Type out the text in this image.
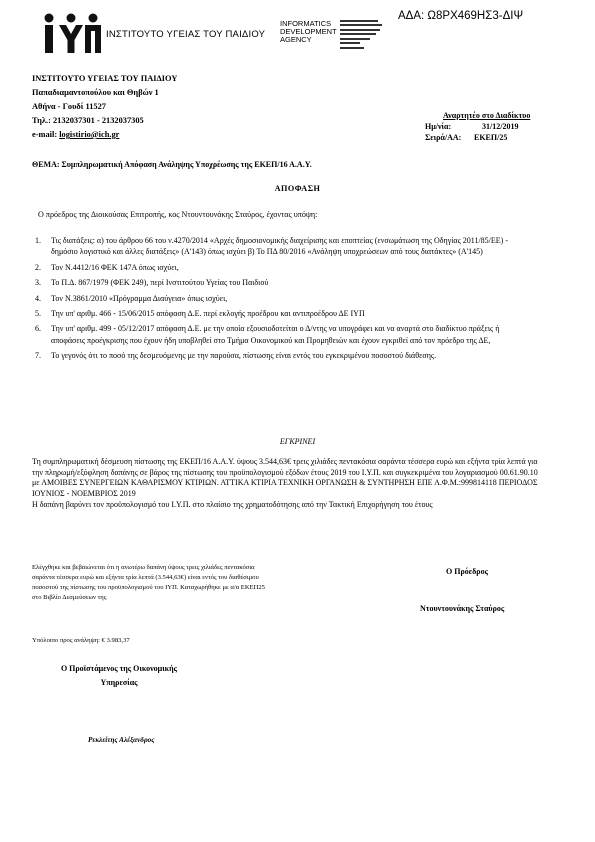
ΑΔΑ: Ω8ΡΧ469ΗΣ3-ΔΙΨ
ΙΝΣΤΙΤΟΥΤΟ ΥΓΕΙΑΣ ΤΟΥ ΠΑΙΔΙΟΥ
INFORMATICS
DEVELOPMENT
AGENCY
ΙΝΣΤΙΤΟΥΤΟ ΥΓΕΙΑΣ ΤΟΥ ΠΑΙΔΙΟΥ
Παπαδιαμαντοπούλου και Θηβών 1
Αθήνα - Γουδί 11527
Τηλ.: 2132037301 - 2132037305
e-mail: logistirio@ich.gr
Αναρτητέο στο Διαδίκτυο
Ημ/νία:	31/12/2019
Σειρά/ΑΑ:	ΕΚΕΠ/25
ΘΕΜΑ: Συμπληρωματική Απόφαση Ανάληψης Υποχρέωσης της ΕΚΕΠ/16 Α.Α.Υ.
ΑΠΟΦΑΣΗ
Ο πρόεδρος της Διοικούσας Επιτροπής, κος Ντουντουνάκης Σταύρος, έχοντας υπόψη:
1. Τις διατάξεις: α) του άρθρου 66 του ν.4270/2014 «Αρχές δημοσιονομικής διαχείρισης και εποπτείας (ενσωμάτωση της Οδηγίας 2011/85/ΕΕ) - δημόσιο λογιστικό και άλλες διατάξεις» (Α'143) όπως ισχύει β) Το ΠΔ 80/2016 «Ανάληψη υποχρεώσεων από τους διατάκτες» (Α'145)
2. Τον Ν.4412/16 ΦΕΚ 147Α όπως ισχύει,
3. Το Π.Δ. 867/1979 (ΦΕΚ 249), περί Ινστιτούτου Υγείας του Παιδιού
4. Τον Ν.3861/2010 «Πρόγραμμα Διαύγεια» όπως ισχύει,
5. Την υπ' αριθμ. 466 - 15/06/2015 απόφαση Δ.Ε. περί εκλογής προέδρου και αντιπροέδρου ΔΕ ΙΥΠ
6. Την υπ' αριθμ. 499 - 05/12/2017 απόφαση Δ.Ε. με την οποία εξουσιοδοτείται ο Δ/ντης να υπογράφει και να αναρτά στο διαδίκτυο πράξεις ή αποφάσεις προέγκρισης που έχουν ήδη υποβληθεί στο Τμήμα Οικονομικού και Προμηθειών και έχουν εγκριθεί από τον πρόεδρο της ΔΕ,
7. Το γεγονός ότι το ποσό της δεσμευόμενης με την παρούσα, πίστωσης είναι εντός του εγκεκριμένου ποσοστού διάθεσης.
ΕΓΚΡΙΝΕΙ

Τη συμπληρωματική δέσμευση πίστωσης της ΕΚΕΠ/16 Α.Α.Υ. ύψους 3.544,63€ τρεις χιλιάδες πεντακόσια σαράντα τέσσερα ευρώ και εξήντα τρία λεπτά για την πληρωμή/εξόφληση δαπάνης σε βάρος της πίστωσης του προϋπολογισμού εξόδων έτους 2019 του Ι.Υ.Π. και συγκεκριμένα του λογαριασμού 00.61.90.10 με ΑΜΟΙΒΕΣ ΣΥΝΕΡΓΕΙΩΝ ΚΑΘΑΡΙΣΜΟΥ ΚΤΙΡΙΩΝ. ΑΤΤΙΚΑ ΚΤΙΡΙΑ ΤΕΧΝΙΚΗ ΟΡΓΑΝΩΣΗ & ΣΥΝΤΗΡΗΣΗ ΕΠΕ Α.Φ.Μ.:999814118 ΠΕΡΙΟΔΟΣ ΙΟΥΝΙΟΣ - ΝΟΕΜΒΡΙΟΣ 2019

Η δαπάνη βαρύνει τον προϋπολογισμό του Ι.Υ.Π. στο πλαίσιο της χρηματοδότησης από την Τακτική Επιχορήγηση του έτους

Ελέγχθηκε και βεβαιώνεται ότι η ανωτέρω δαπάνη ύψους τρεις χιλιάδες πεντακόσια σαράντα τέσσερα ευρώ και εξήντα τρία λεπτά (3.544,63€) είναι εντός του διαθέσιμου ποσοστού της πίστωσης του προϋπολογισμού του ΙΥΠ. Καταχωρήθηκε με α/α ΕΚΕΠ25 στο Βιβλίο Δεσμεύσεων της
Υπόλοιπο προς ανάληψη: € 3.983,37
Ο Πρόεδρος
Ντουντουνάκης Σταύρος
Ο Προϊστάμενος της Οικονομικής
Υπηρεσίας
Ρεκλείτης Αλέξανδρος
